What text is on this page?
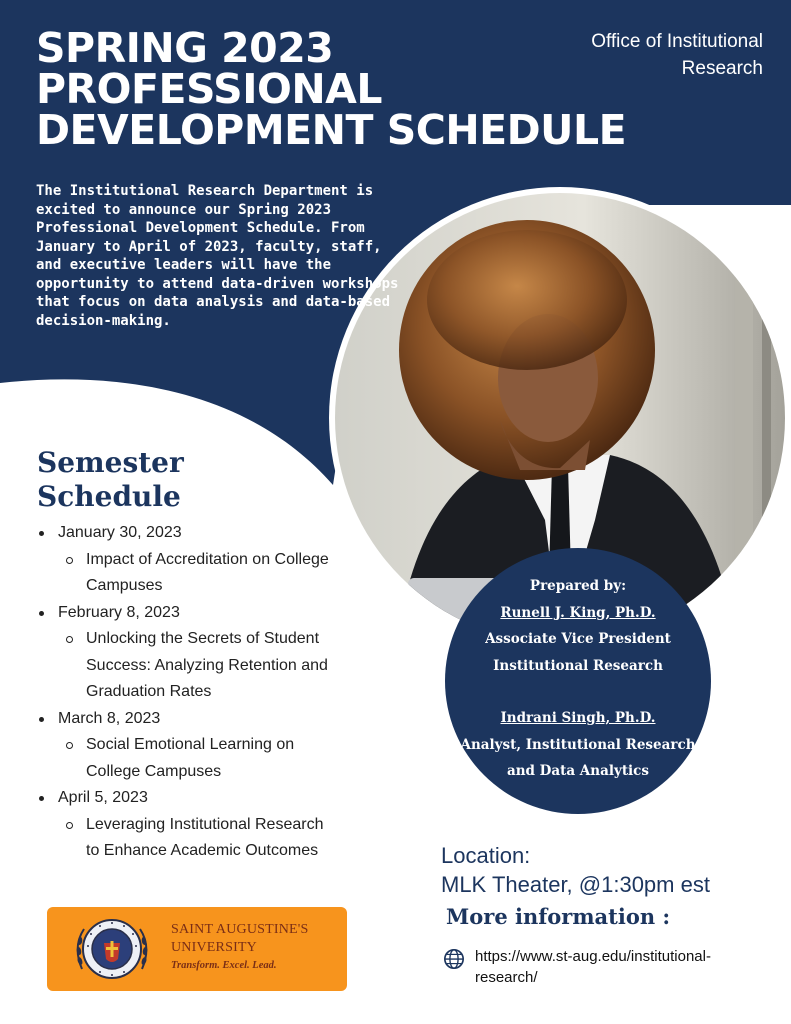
SPRING 2023
PROFESSIONAL
DEVELOPMENT SCHEDULE
Office of Institutional Research

The Institutional Research Department is excited to announce our Spring 2023 Professional Development Schedule. From January to April of 2023, faculty, staff, and executive leaders will have the opportunity to attend data-driven workshops that focus on data analysis and data-based decision-making.

Semester
Schedule
January 30, 2023
Impact of Accreditation on College
Campuses
February 8, 2023
Unlocking the Secrets of Student
Success: Analyzing Retention and
Graduation Rates
March 8, 2023
Social Emotional Learning on
College Campuses
April 5, 2023
Leveraging Institutional Research
to Enhance Academic Outcomes
Prepared by:
Runell J. King, Ph.D.
Associate Vice President
Institutional Research
Indrani Singh, Ph.D.
Analyst, Institutional Research
and Data Analytics
Location:
MLK Theater, @1:30pm est
More information :

https://www.st-aug.edu/institutional-
research/

SAINT AUGUSTINE'S
UNIVERSITY
Transform. Excel. Lead.
